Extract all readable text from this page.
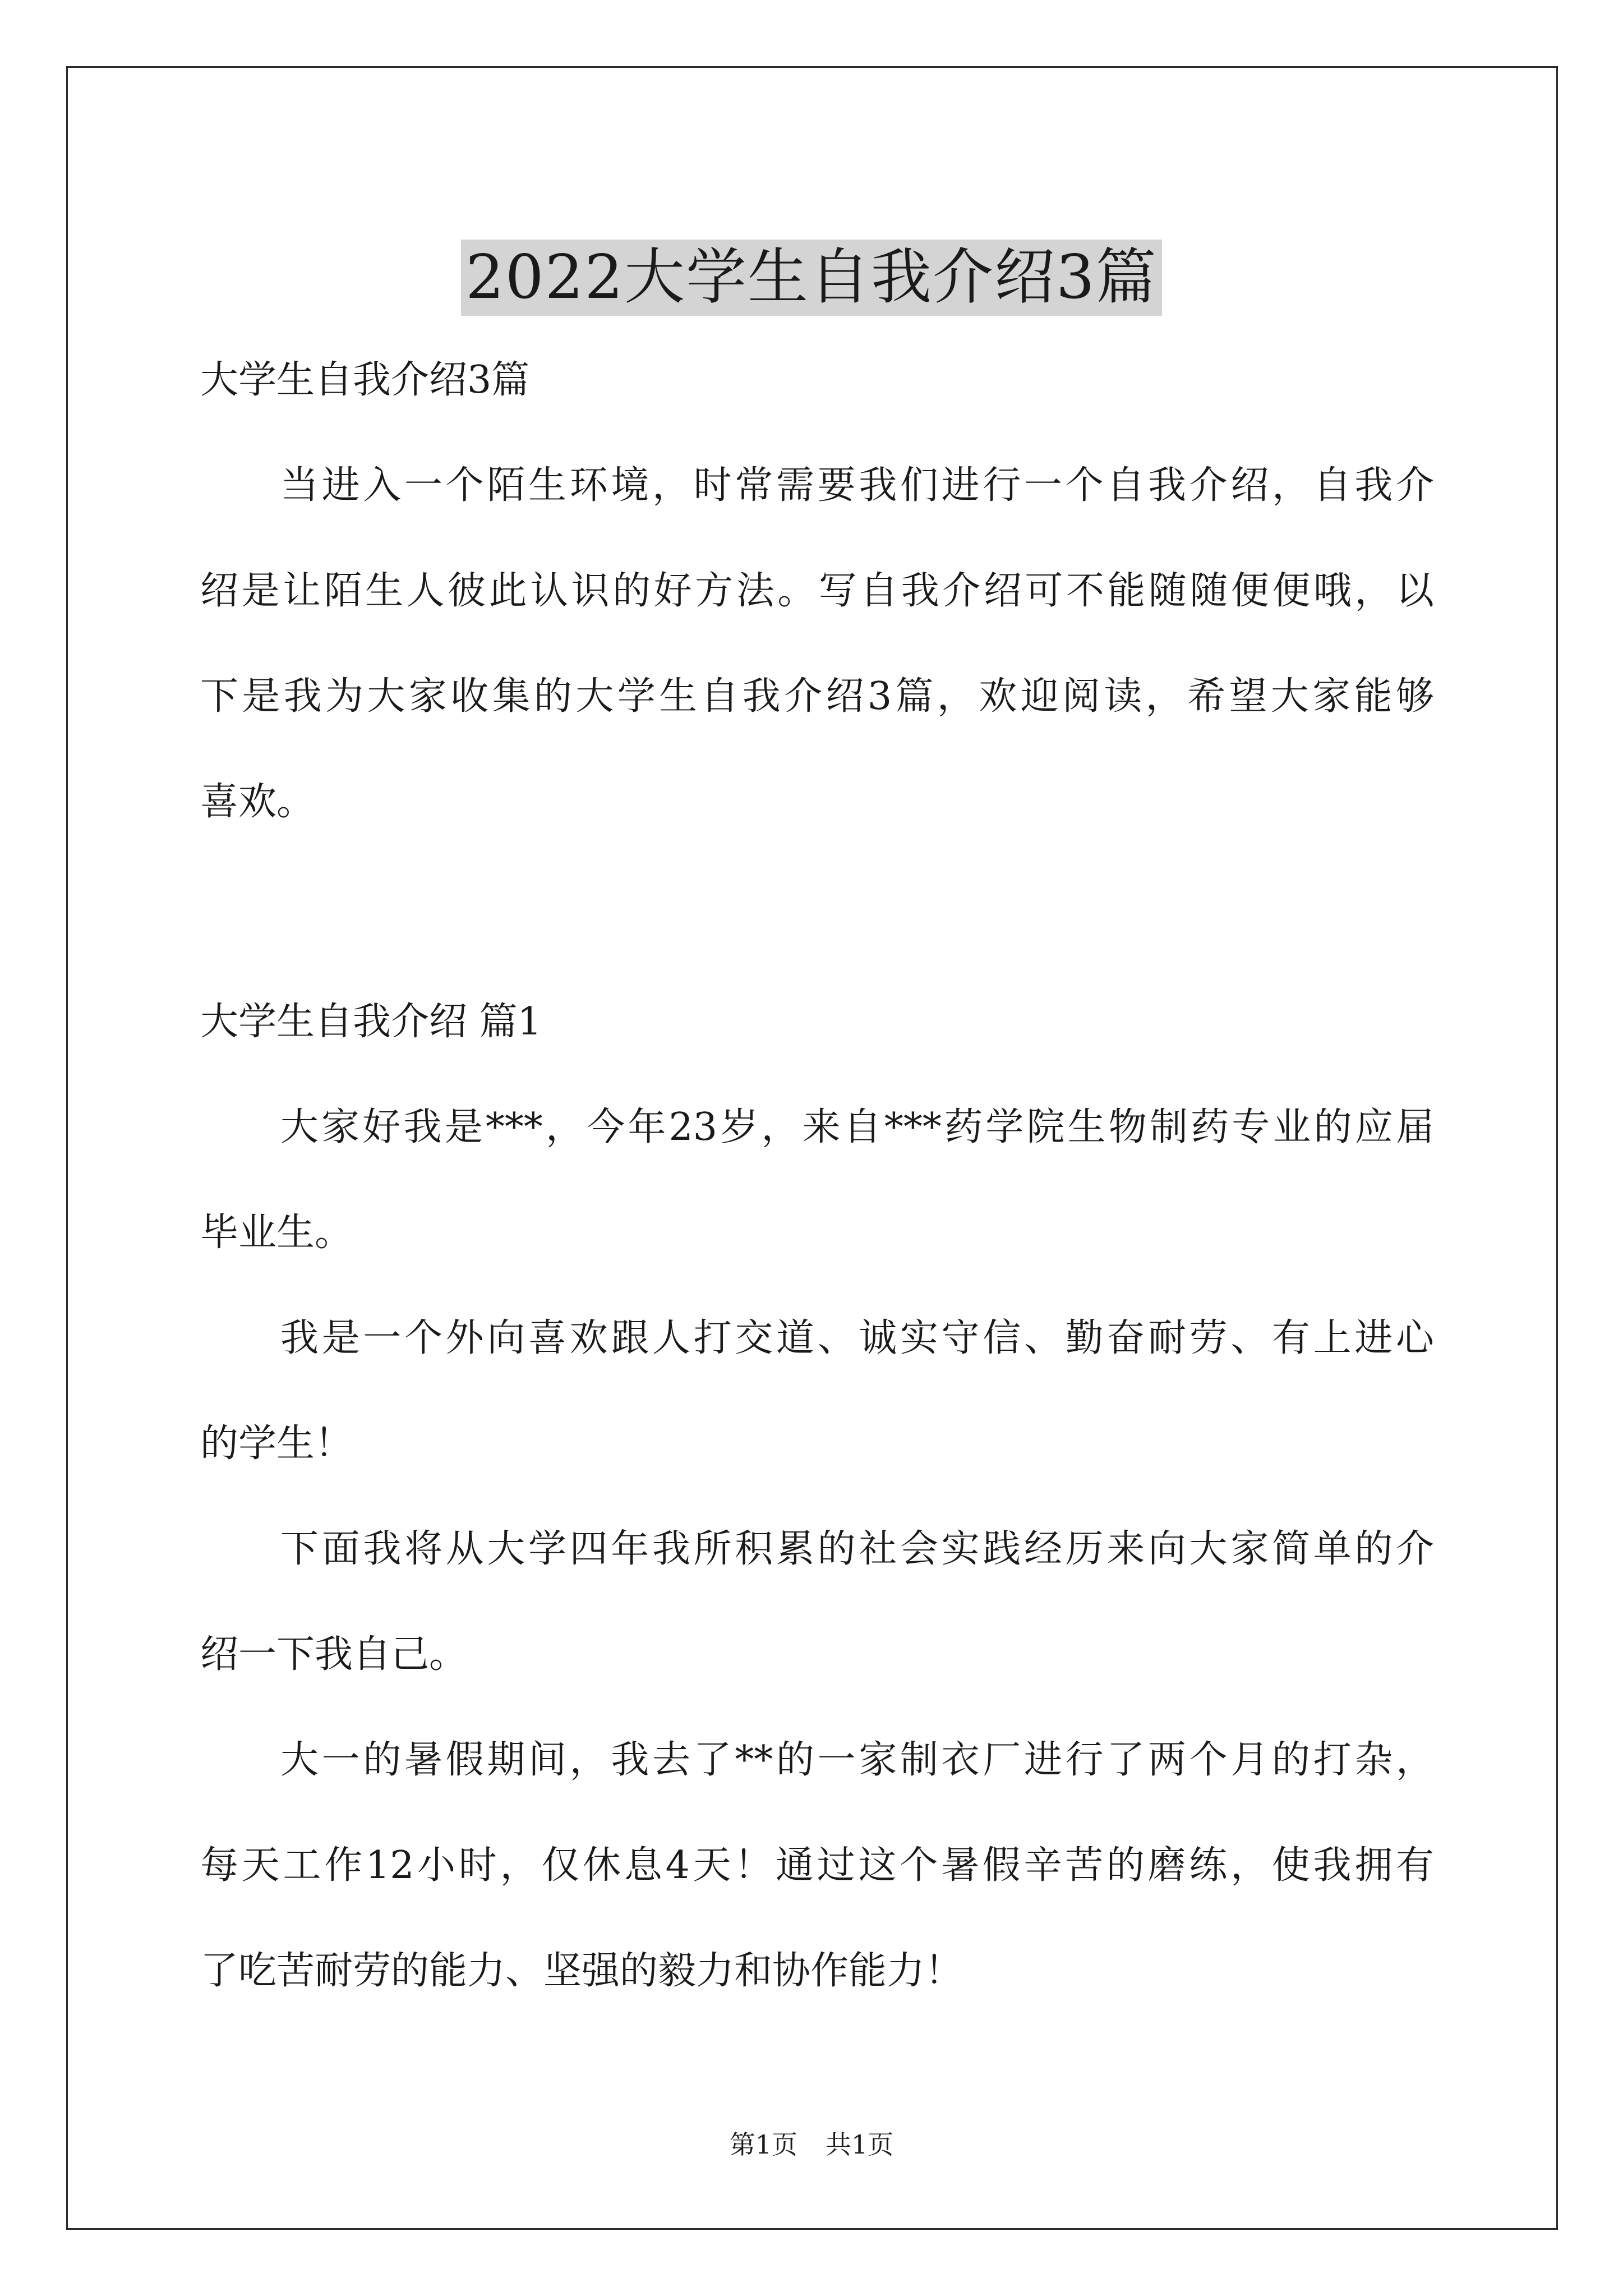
2022大学生自我介绍3篇

大学生自我介绍3篇

当进入一个陌生环境，时常需要我们进行一个自我介绍，自我介

绍是让陌生人彼此认识的好方法。写自我介绍可不能随随便便哦，以

下是我为大家收集的大学生自我介绍3篇，欢迎阅读，希望大家能够

喜欢。

大学生自我介绍 篇1

大家好我是***，今年23岁，来自***药学院生物制药专业的应届

毕业生。

我是一个外向喜欢跟人打交道、诚实守信、勤奋耐劳、有上进心

的学生！

下面我将从大学四年我所积累的社会实践经历来向大家简单的介

绍一下我自己。

大一的暑假期间，我去了**的一家制衣厂进行了两个月的打杂，

每天工作12小时，仅休息4天！通过这个暑假辛苦的磨练，使我拥有

了吃苦耐劳的能力、坚强的毅力和协作能力！

第1页 共1页
